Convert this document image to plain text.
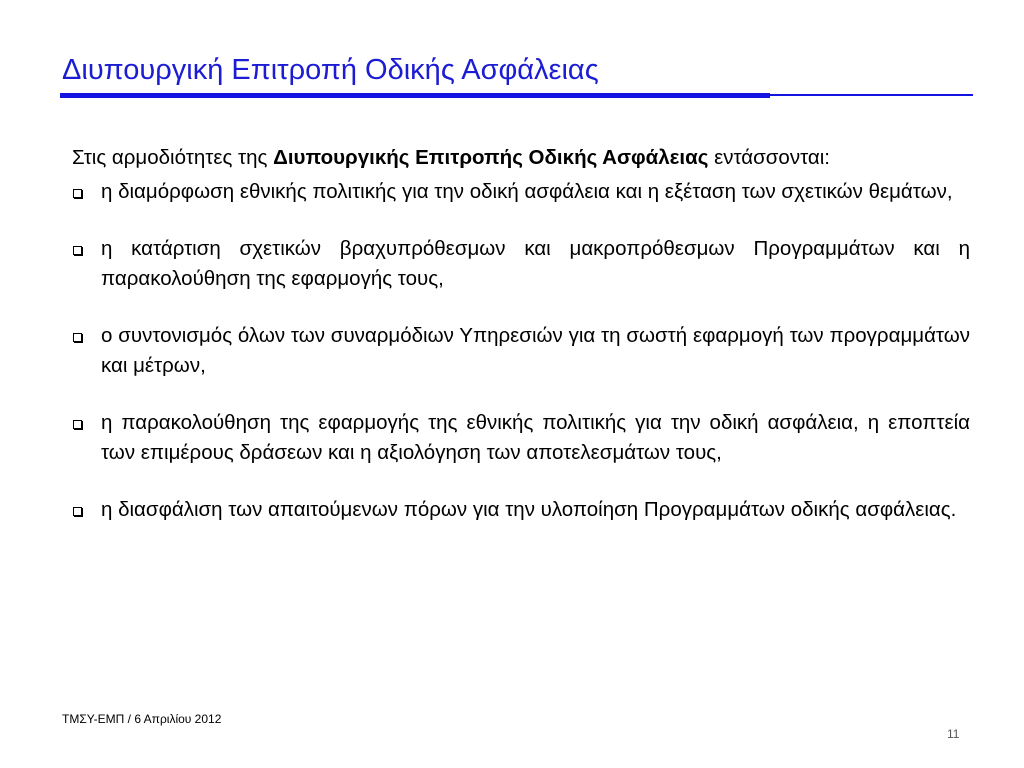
Διυπουργική Επιτροπή Οδικής Ασφάλειας
Στις αρμοδιότητες της Διυπουργικής Επιτροπής Οδικής Ασφάλειας εντάσσονται:
η διαμόρφωση εθνικής πολιτικής για την οδική ασφάλεια και η εξέταση των σχετικών θεμάτων,
η κατάρτιση σχετικών βραχυπρόθεσμων και μακροπρόθεσμων Προγραμμάτων και η παρακολούθηση της εφαρμογής τους,
ο συντονισμός όλων των συναρμόδιων Υπηρεσιών για τη σωστή εφαρμογή των προγραμμάτων και μέτρων,
η παρακολούθηση της εφαρμογής της εθνικής πολιτικής για την οδική ασφάλεια, η εποπτεία των επιμέρους δράσεων και η αξιολόγηση των αποτελεσμάτων τους,
η διασφάλιση των απαιτούμενων πόρων για την υλοποίηση Προγραμμάτων οδικής ασφάλειας.
ΤΜΣΥ-ΕΜΠ / 6 Απριλίου 2012
11
